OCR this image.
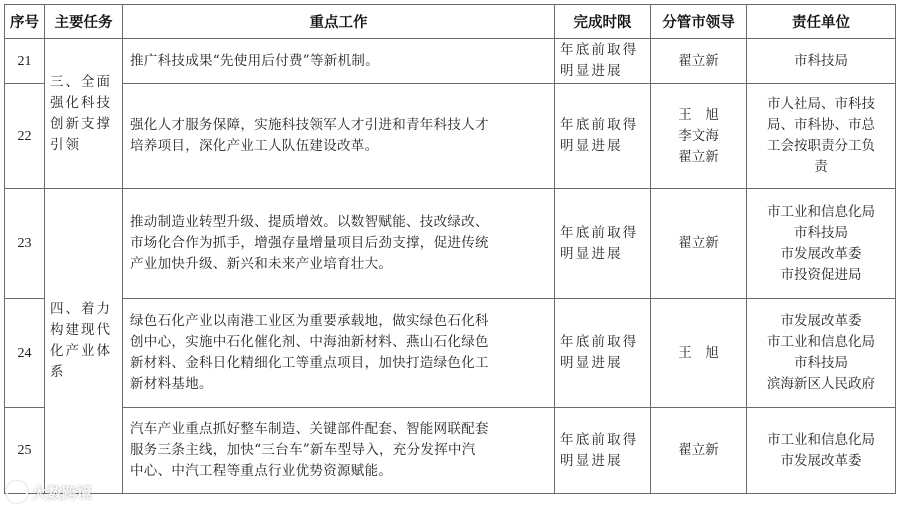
序号	主要任务	重点工作	完成时限	分管市领导	责任单位
21	三、全面
强化科技
创新支撑
引领	推广科技成果“先使用后付费”等新机制。	年底前取得
明显进展	翟立新	市科技局

22		强化人才服务保障，实施科技领军人才引进和青年科技人才
培养项目，深化产业工人队伍建设改革。	年底前取得
明显进展	王　旭
李文海
翟立新	市人社局、市科技
局、市科协、市总
工会按职责分工负
责

23	四、着力
构建现代
化产业体
系	推动制造业转型升级、提质增效。以数智赋能、技改绿改、
市场化合作为抓手，增强存量增量项目后劲支撑，促进传统
产业加快升级、新兴和未来产业培育壮大。	年底前取得
明显进展	翟立新	市工业和信息化局
市科技局
市发展改革委
市投资促进局

24		绿色石化产业以南港工业区为重要承载地，做实绿色石化科
创中心，实施中石化催化剂、中海油新材料、燕山石化绿色
新材料、金科日化精细化工等重点项目，加快打造绿色化工
新材料基地。	年底前取得
明显进展	王　旭	市发展改革委
市工业和信息化局
市科技局
滨海新区人民政府

25		汽车产业重点抓好整车制造、关键部件配套、智能网联配套
服务三条主线，加快“三台车”新车型导入，充分发挥中汽
中心、中汽工程等重点行业优势资源赋能。	年底前取得
明显进展	翟立新	市工业和信息化局
市发展改革委
大数跨境
